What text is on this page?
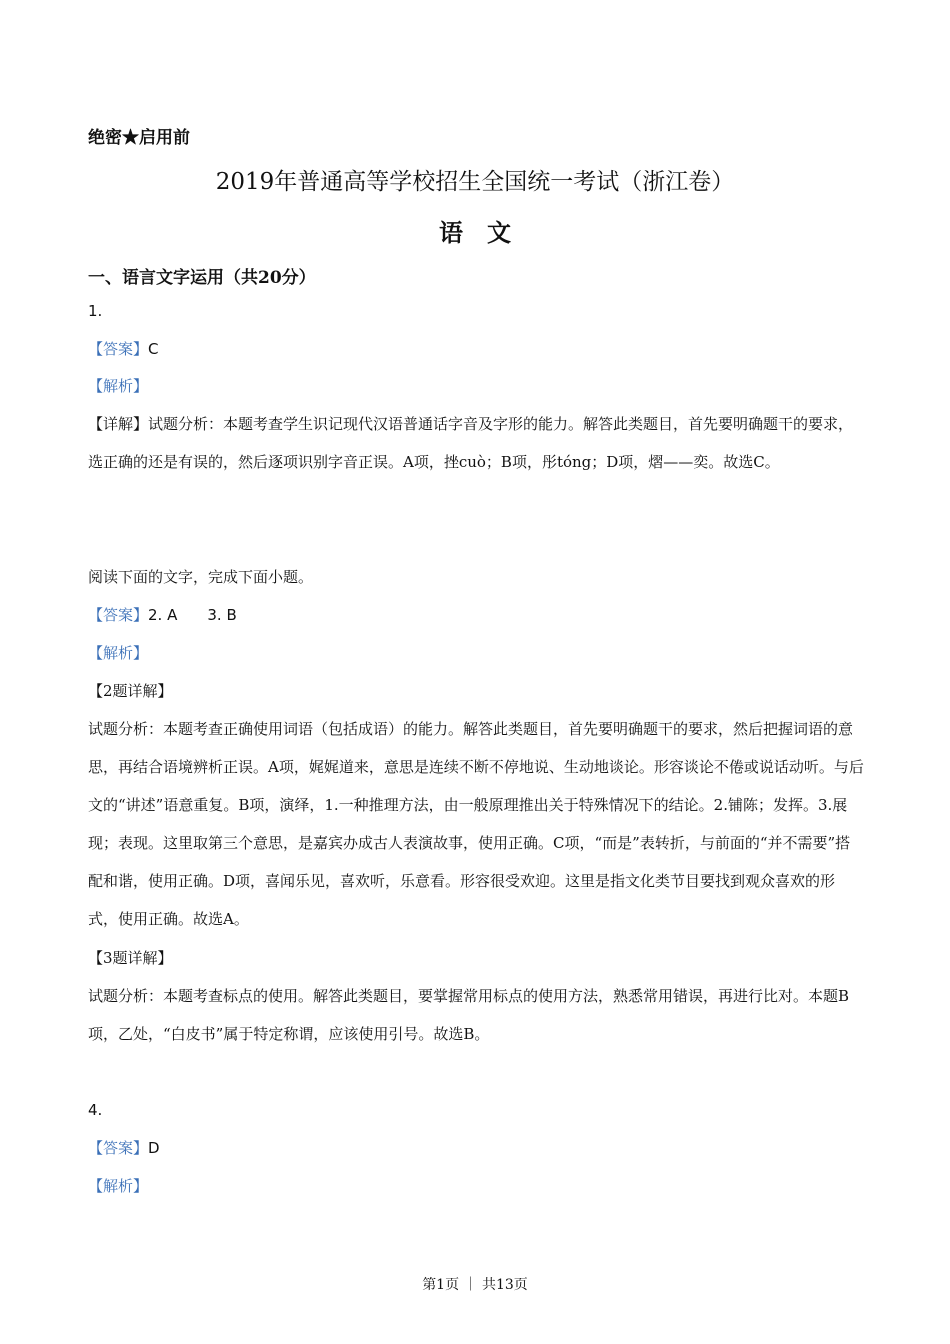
绝密★启用前
2019年普通高等学校招生全国统一考试（浙江卷）
语　文
一、语言文字运用（共20分）
1.
【答案】C
【解析】
【详解】试题分析：本题考查学生识记现代汉语普通话字音及字形的能力。解答此类题目，首先要明确题干的要求，选正确的还是有误的，然后逐项识别字音正误。A项，挫cuò；B项，彤tóng；D项，熠——奕。故选C。
阅读下面的文字，完成下面小题。
【答案】2. A 3. B
【解析】
【2题详解】
试题分析：本题考查正确使用词语（包括成语）的能力。解答此类题目，首先要明确题干的要求，然后把握词语的意思，再结合语境辨析正误。A项，娓娓道来，意思是连续不断不停地说、生动地谈论。形容谈论不倦或说话动听。与后文的“讲述”语意重复。B项，演绎，1.一种推理方法，由一般原理推出关于特殊情况下的结论。2.铺陈；发挥。3.展现；表现。这里取第三个意思，是嘉宾办成古人表演故事，使用正确。C项，“而是”表转折，与前面的“并不需要”搭配和谐，使用正确。D项，喜闻乐见，喜欢听，乐意看。形容很受欢迎。这里是指文化类节目要找到观众喜欢的形式，使用正确。故选A。
【3题详解】
试题分析：本题考查标点的使用。解答此类题目，要掌握常用标点的使用方法，熟悉常用错误，再进行比对。本题B项，乙处，“白皮书”属于特定称谓，应该使用引号。故选B。
4.
【答案】D
【解析】
第1页 ｜ 共13页
